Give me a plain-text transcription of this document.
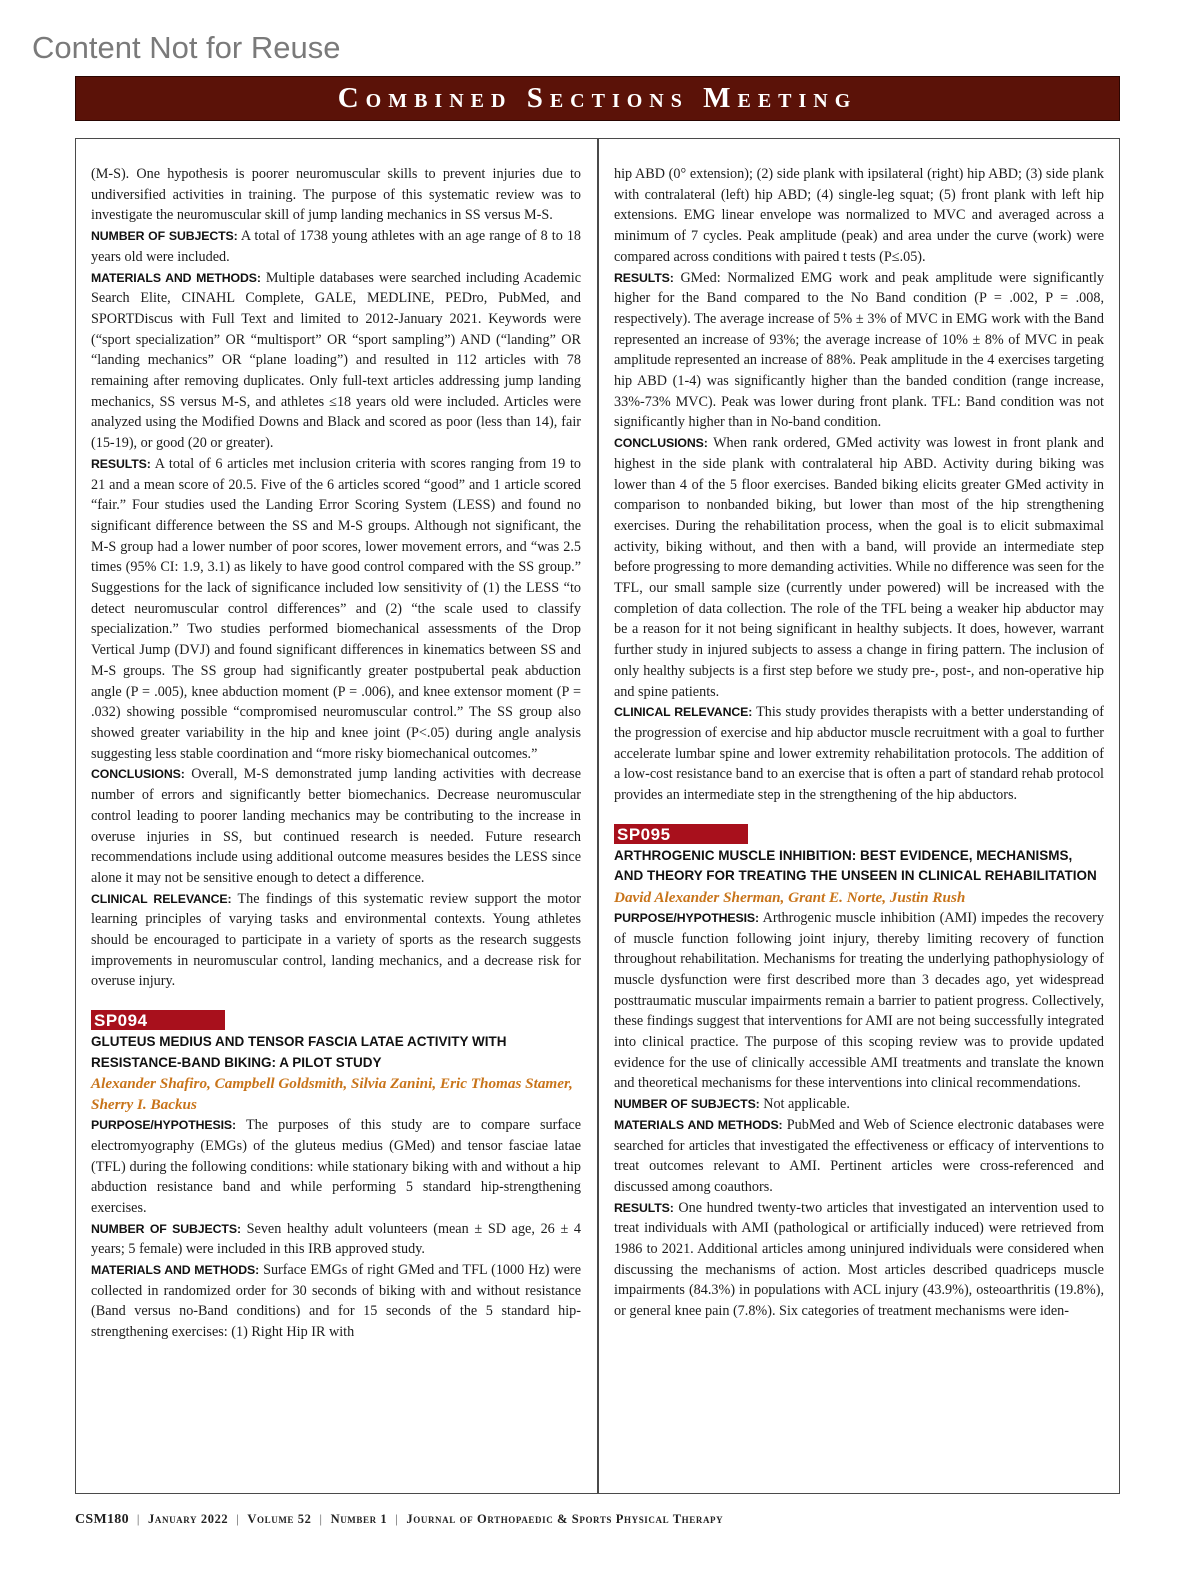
Content Not for Reuse
Combined Sections Meeting

(M-S). One hypothesis is poorer neuromuscular skills to prevent injuries due to undiversified activities in training. The purpose of this systematic review was to investigate the neuromuscular skill of jump landing mechanics in SS versus M-S.

NUMBER OF SUBJECTS: A total of 1738 young athletes with an age range of 8 to 18 years old were included.

MATERIALS AND METHODS: Multiple databases were searched including Academic Search Elite, CINAHL Complete, GALE, MEDLINE, PEDro, PubMed, and SPORTDiscus with Full Text and limited to 2012-January 2021. Keywords were (“sport specialization” OR “multisport” OR “sport sampling”) AND (“landing” OR “landing mechanics” OR “plane loading”) and resulted in 112 articles with 78 remaining after removing duplicates. Only full-text articles addressing jump landing mechanics, SS versus M-S, and athletes ≤18 years old were included. Articles were analyzed using the Modified Downs and Black and scored as poor (less than 14), fair (15-19), or good (20 or greater).

RESULTS: A total of 6 articles met inclusion criteria with scores ranging from 19 to 21 and a mean score of 20.5. Five of the 6 articles scored “good” and 1 article scored “fair.” Four studies used the Landing Error Scoring System (LESS) and found no significant difference between the SS and M-S groups. Although not significant, the M-S group had a lower number of poor scores, lower movement errors, and “was 2.5 times (95% CI: 1.9, 3.1) as likely to have good control compared with the SS group.” Suggestions for the lack of significance included low sensitivity of (1) the LESS “to detect neuromuscular control differences” and (2) “the scale used to classify specialization.” Two studies performed biomechanical assessments of the Drop Vertical Jump (DVJ) and found significant differences in kinematics between SS and M-S groups. The SS group had significantly greater postpubertal peak abduction angle (P = .005), knee abduction moment (P = .006), and knee extensor moment (P = .032) showing possible “compromised neuromuscular control.” The SS group also showed greater variability in the hip and knee joint (P<.05) during angle analysis suggesting less stable coordination and “more risky biomechanical outcomes.”

CONCLUSIONS: Overall, M-S demonstrated jump landing activities with decrease number of errors and significantly better biomechanics. Decrease neuromuscular control leading to poorer landing mechanics may be contributing to the increase in overuse injuries in SS, but continued research is needed. Future research recommendations include using additional outcome measures besides the LESS since alone it may not be sensitive enough to detect a difference.

CLINICAL RELEVANCE: The findings of this systematic review support the motor learning principles of varying tasks and environmental contexts. Young athletes should be encouraged to participate in a variety of sports as the research suggests improvements in neuromuscular control, landing mechanics, and a decrease risk for overuse injury.

SP094
GLUTEUS MEDIUS AND TENSOR FASCIA LATAE ACTIVITY WITH RESISTANCE-BAND BIKING: A PILOT STUDY
Alexander Shafiro, Campbell Goldsmith, Silvia Zanini, Eric Thomas Stamer, Sherry I. Backus

PURPOSE/HYPOTHESIS: The purposes of this study are to compare surface electromyography (EMGs) of the gluteus medius (GMed) and tensor fasciae latae (TFL) during the following conditions: while stationary biking with and without a hip abduction resistance band and while performing 5 standard hip-strengthening exercises.

NUMBER OF SUBJECTS: Seven healthy adult volunteers (mean ± SD age, 26 ± 4 years; 5 female) were included in this IRB approved study.

MATERIALS AND METHODS: Surface EMGs of right GMed and TFL (1000 Hz) were collected in randomized order for 30 seconds of biking with and without resistance (Band versus no-Band conditions) and for 15 seconds of the 5 standard hip-strengthening exercises: (1) Right Hip IR with

hip ABD (0° extension); (2) side plank with ipsilateral (right) hip ABD; (3) side plank with contralateral (left) hip ABD; (4) single-leg squat; (5) front plank with left hip extensions. EMG linear envelope was normalized to MVC and averaged across a minimum of 7 cycles. Peak amplitude (peak) and area under the curve (work) were compared across conditions with paired t tests (P≤.05).

RESULTS: GMed: Normalized EMG work and peak amplitude were significantly higher for the Band compared to the No Band condition (P = .002, P = .008, respectively). The average increase of 5% ± 3% of MVC in EMG work with the Band represented an increase of 93%; the average increase of 10% ± 8% of MVC in peak amplitude represented an increase of 88%. Peak amplitude in the 4 exercises targeting hip ABD (1-4) was significantly higher than the banded condition (range increase, 33%-73% MVC). Peak was lower during front plank. TFL: Band condition was not significantly higher than in No-band condition.

CONCLUSIONS: When rank ordered, GMed activity was lowest in front plank and highest in the side plank with contralateral hip ABD. Activity during biking was lower than 4 of the 5 floor exercises. Banded biking elicits greater GMed activity in comparison to nonbanded biking, but lower than most of the hip strengthening exercises. During the rehabilitation process, when the goal is to elicit submaximal activity, biking without, and then with a band, will provide an intermediate step before progressing to more demanding activities. While no difference was seen for the TFL, our small sample size (currently under powered) will be increased with the completion of data collection. The role of the TFL being a weaker hip abductor may be a reason for it not being significant in healthy subjects. It does, however, warrant further study in injured subjects to assess a change in firing pattern. The inclusion of only healthy subjects is a first step before we study pre-, post-, and non-operative hip and spine patients.

CLINICAL RELEVANCE: This study provides therapists with a better understanding of the progression of exercise and hip abductor muscle recruitment with a goal to further accelerate lumbar spine and lower extremity rehabilitation protocols. The addition of a low-cost resistance band to an exercise that is often a part of standard rehab protocol provides an intermediate step in the strengthening of the hip abductors.

SP095
ARTHROGENIC MUSCLE INHIBITION: BEST EVIDENCE, MECHANISMS, AND THEORY FOR TREATING THE UNSEEN IN CLINICAL REHABILITATION
David Alexander Sherman, Grant E. Norte, Justin Rush

PURPOSE/HYPOTHESIS: Arthrogenic muscle inhibition (AMI) impedes the recovery of muscle function following joint injury, thereby limiting recovery of function throughout rehabilitation. Mechanisms for treating the underlying pathophysiology of muscle dysfunction were first described more than 3 decades ago, yet widespread posttraumatic muscular impairments remain a barrier to patient progress. Collectively, these findings suggest that interventions for AMI are not being successfully integrated into clinical practice. The purpose of this scoping review was to provide updated evidence for the use of clinically accessible AMI treatments and translate the known and theoretical mechanisms for these interventions into clinical recommendations.

NUMBER OF SUBJECTS: Not applicable.

MATERIALS AND METHODS: PubMed and Web of Science electronic databases were searched for articles that investigated the effectiveness or efficacy of interventions to treat outcomes relevant to AMI. Pertinent articles were cross-referenced and discussed among coauthors.

RESULTS: One hundred twenty-two articles that investigated an intervention used to treat individuals with AMI (pathological or artificially induced) were retrieved from 1986 to 2021. Additional articles among uninjured individuals were considered when discussing the mechanisms of action. Most articles described quadriceps muscle impairments (84.3%) in populations with ACL injury (43.9%), osteoarthritis (19.8%), or general knee pain (7.8%). Six categories of treatment mechanisms were iden-

CSM180 | January 2022 | Volume 52 | Number 1 | Journal of Orthopaedic & Sports Physical Therapy
